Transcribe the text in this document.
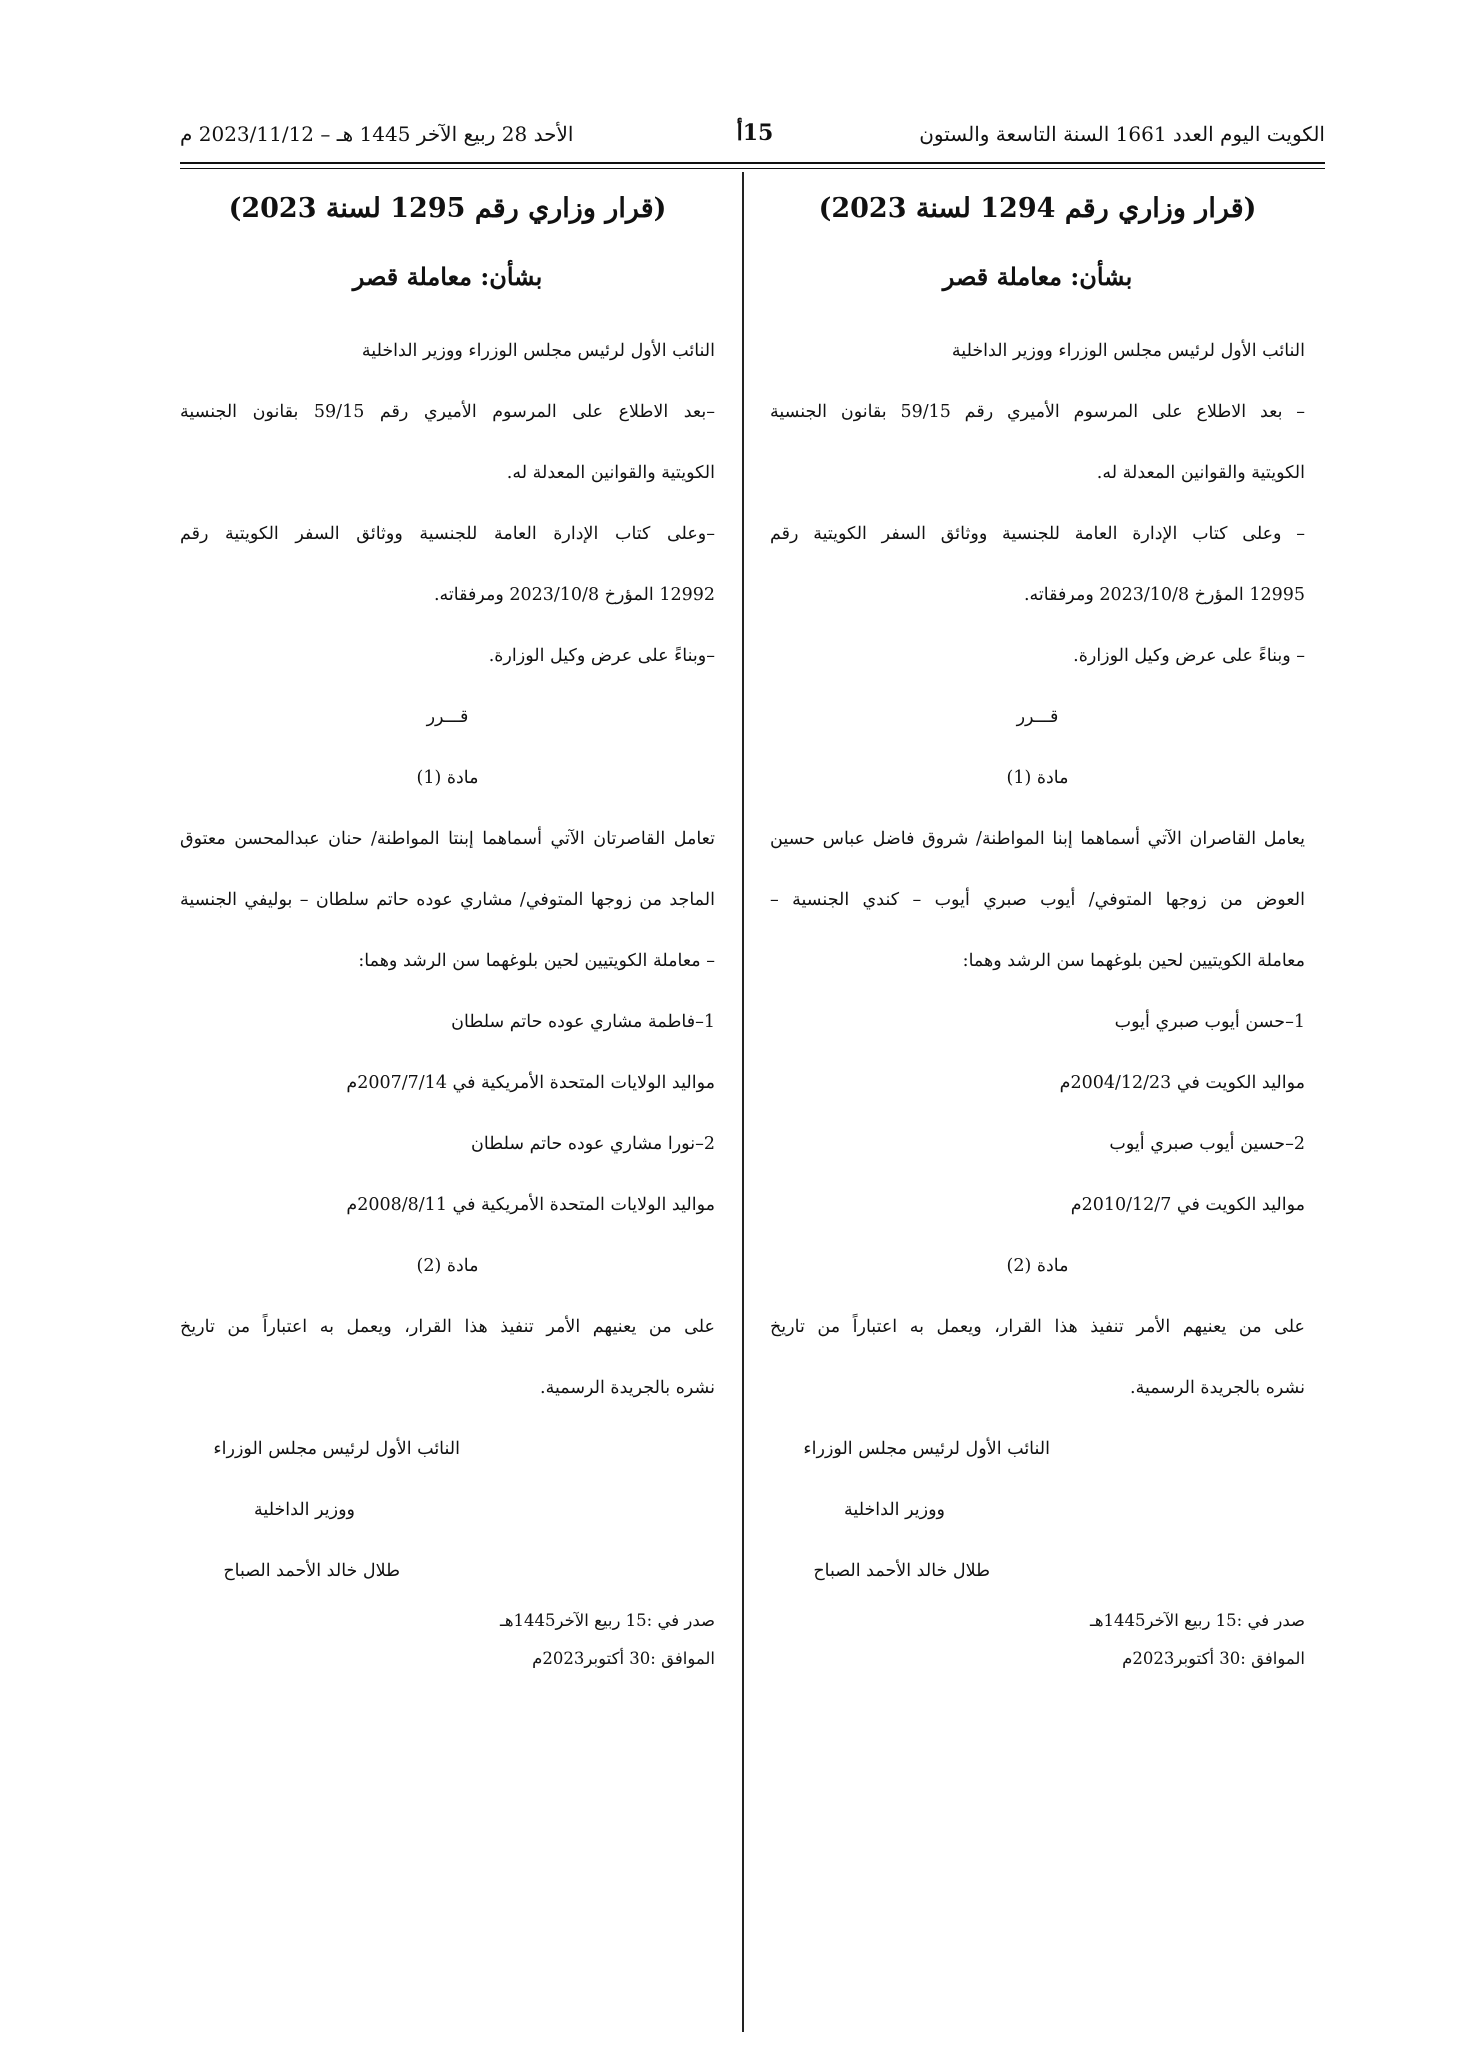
الكويت اليوم العدد 1661 السنة التاسعة والستون
15أ
الأحد 28 ربيع الآخر 1445 هـ – 2023/11/12 م
(قرار وزاري رقم 1294 لسنة 2023)
بشأن: معاملة قصر
النائب الأول لرئيس مجلس الوزراء ووزير الداخلية
– بعد الاطلاع على المرسوم الأميري رقم 59/15 بقانون الجنسية
الكويتية والقوانين المعدلة له.
– وعلى كتاب الإدارة العامة للجنسية ووثائق السفر الكويتية رقم
12995 المؤرخ 2023/10/8 ومرفقاته.
– وبناءً على عرض وكيل الوزارة.
قـــرر
مادة (1)
يعامل القاصران الآتي أسماهما إبنا المواطنة/ شروق فاضل عباس حسين
العوض من زوجها المتوفي/ أيوب صبري أيوب – كندي الجنسية –
معاملة الكويتيين لحين بلوغهما سن الرشد وهما:
1–حسن أيوب صبري أيوب
مواليد الكويت في 2004/12/23م
2–حسين أيوب صبري أيوب
مواليد الكويت في 2010/12/7م
مادة (2)
على من يعنيهم الأمر تنفيذ هذا القرار، ويعمل به اعتباراً من تاريخ
نشره بالجريدة الرسمية.
النائب الأول لرئيس مجلس الوزراء
ووزير الداخلية
طلال خالد الأحمد الصباح
صدر في :15 ربيع الآخر1445هـ
الموافق :30 أكتوبر2023م
(قرار وزاري رقم 1295 لسنة 2023)
بشأن: معاملة قصر
النائب الأول لرئيس مجلس الوزراء ووزير الداخلية
–بعد الاطلاع على المرسوم الأميري رقم 59/15 بقانون الجنسية
الكويتية والقوانين المعدلة له.
–وعلى كتاب الإدارة العامة للجنسية ووثائق السفر الكويتية رقم
12992 المؤرخ 2023/10/8 ومرفقاته.
–وبناءً على عرض وكيل الوزارة.
قـــرر
مادة (1)
تعامل القاصرتان الآتي أسماهما إبنتا المواطنة/ حنان عبدالمحسن معتوق
الماجد من زوجها المتوفي/ مشاري عوده حاتم سلطان – بوليفي الجنسية
– معاملة الكويتيين لحين بلوغهما سن الرشد وهما:
1–فاطمة مشاري عوده حاتم سلطان
مواليد الولايات المتحدة الأمريكية في 2007/7/14م
2–نورا مشاري عوده حاتم سلطان
مواليد الولايات المتحدة الأمريكية في 2008/8/11م
مادة (2)
على من يعنيهم الأمر تنفيذ هذا القرار، ويعمل به اعتباراً من تاريخ
نشره بالجريدة الرسمية.
النائب الأول لرئيس مجلس الوزراء
ووزير الداخلية
طلال خالد الأحمد الصباح
صدر في :15 ربيع الآخر1445هـ
الموافق :30 أكتوبر2023م
